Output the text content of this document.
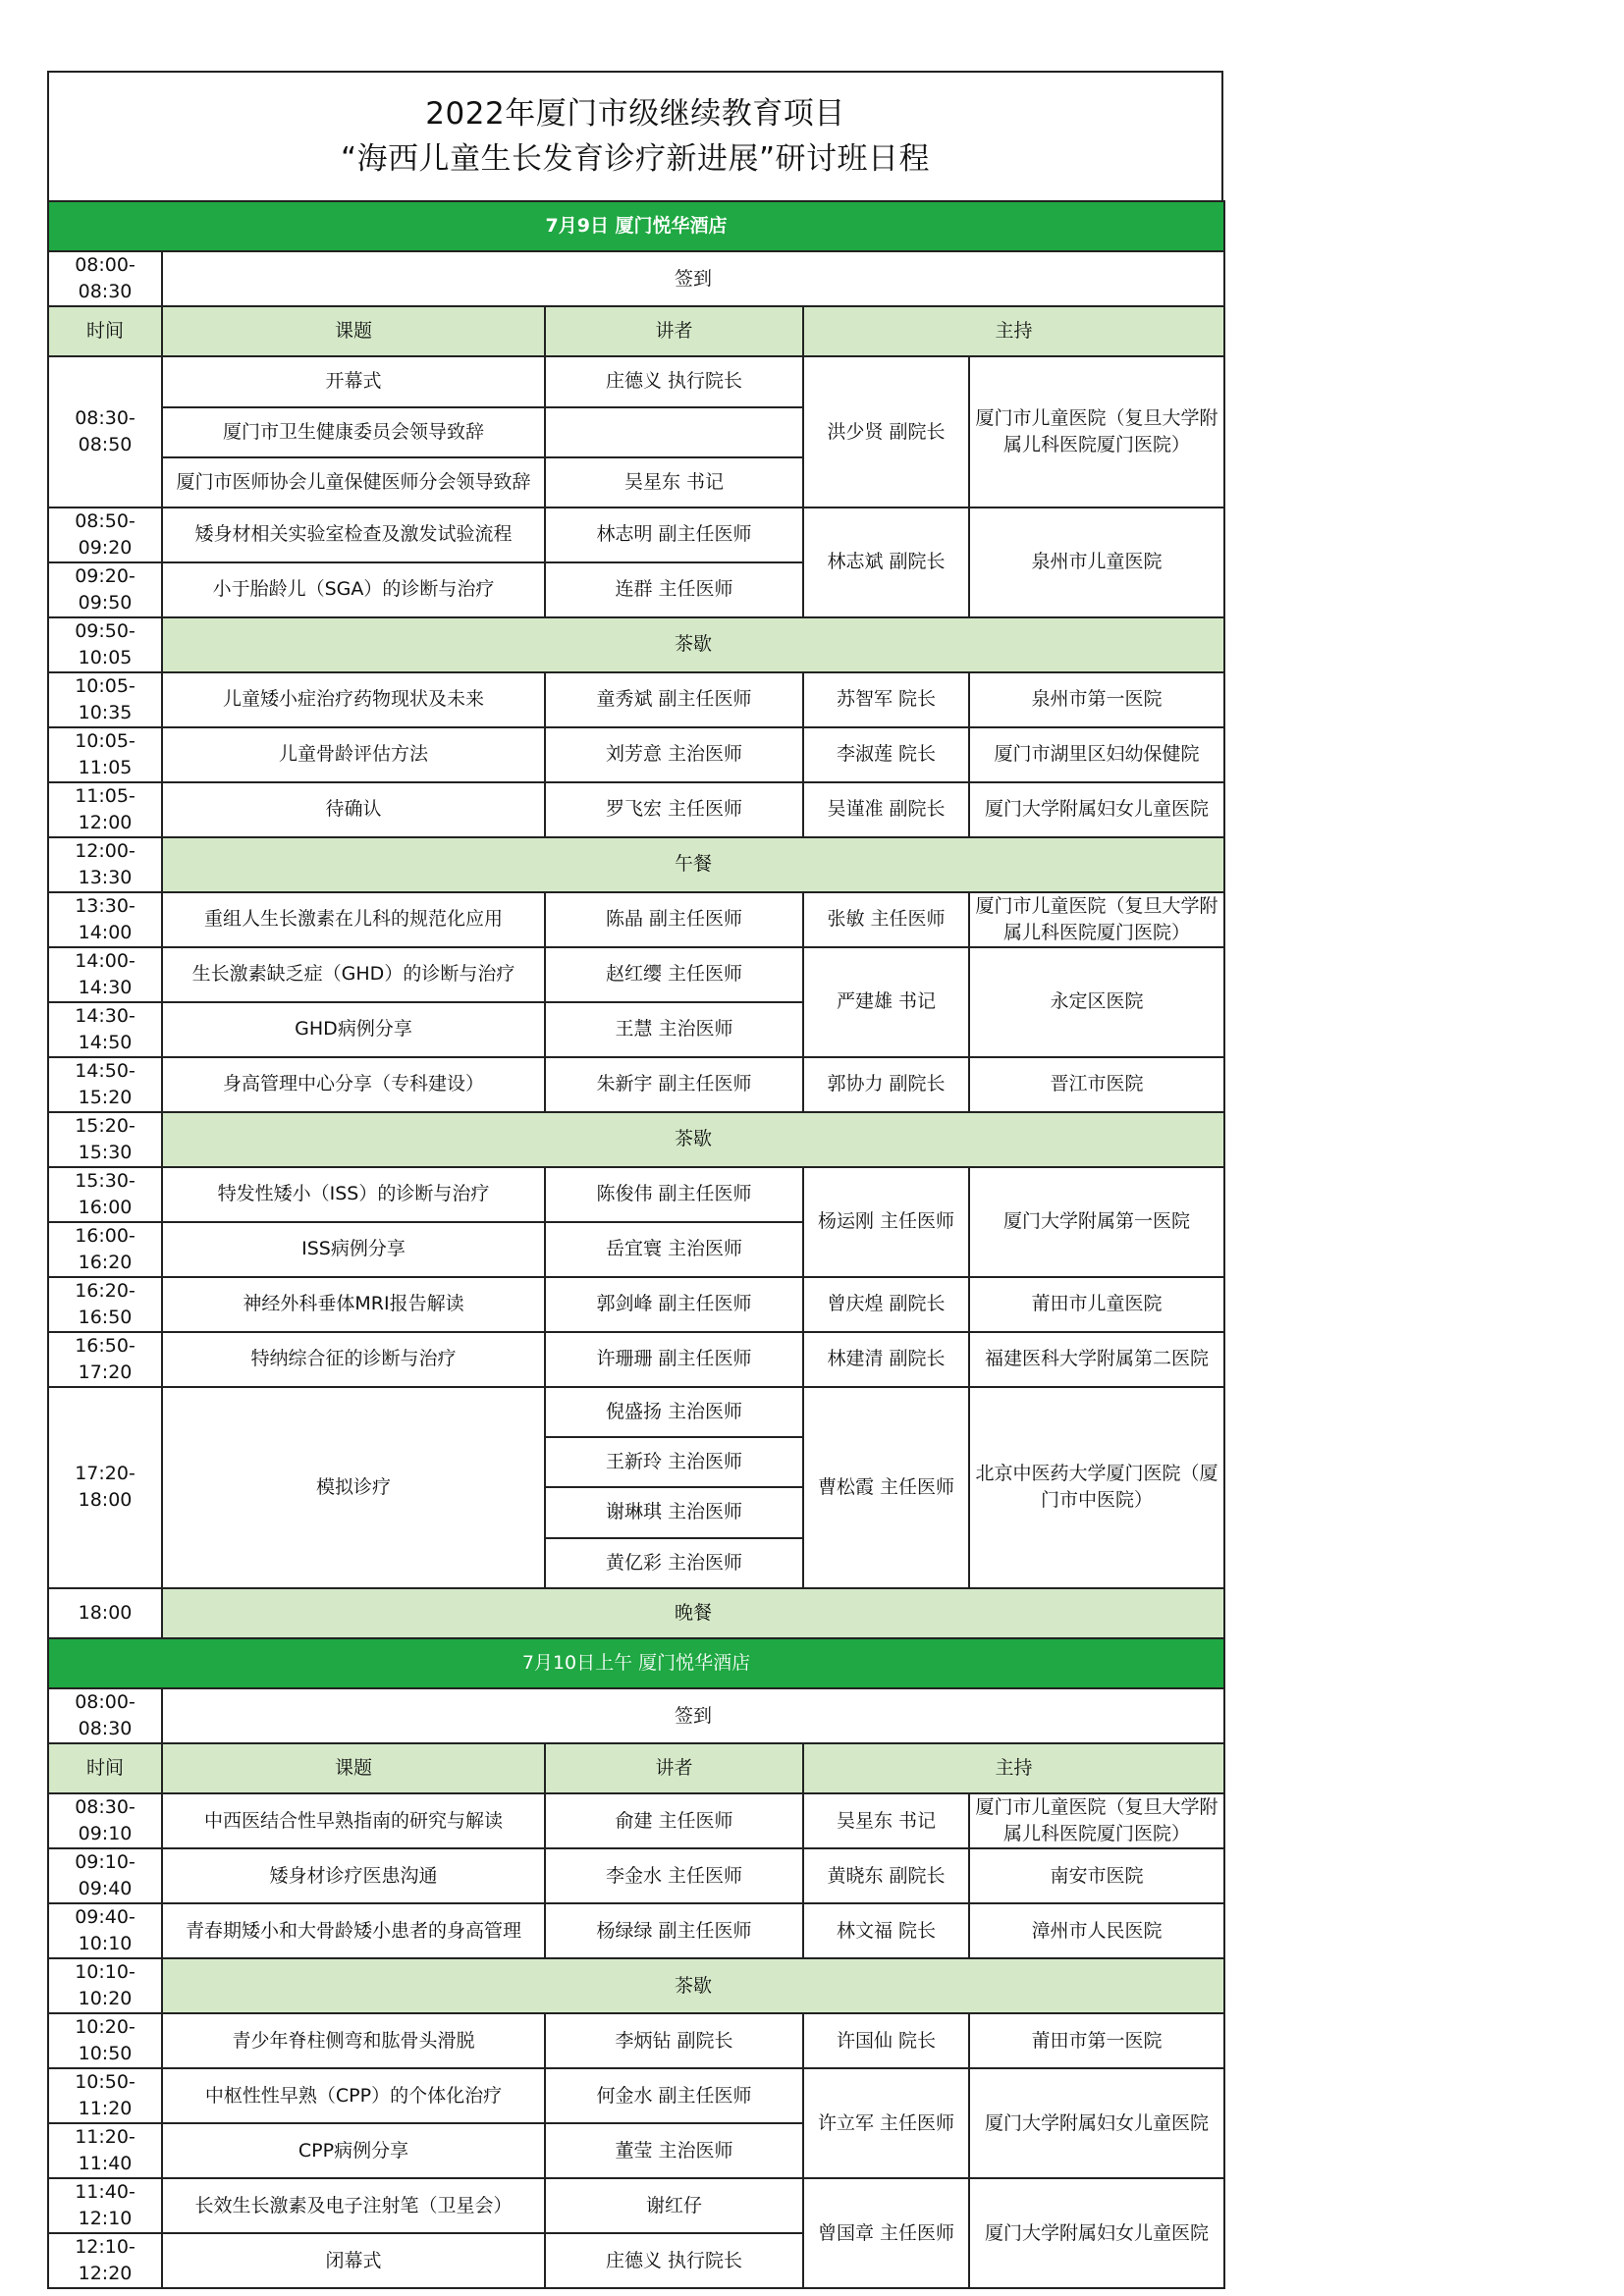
2022年厦门市级继续教育项目
“海西儿童生长发育诊疗新进展”研讨班日程
7月9日 厦门悦华酒店				
08:00-08:30	签到			
时间	课题	讲者	主持	
08:30-08:50	开幕式	庄德义 执行院长	洪少贤 副院长	厦门市儿童医院（复旦大学附属儿科医院厦门医院）
	厦门市卫生健康委员会领导致辞			
	厦门市医师协会儿童保健医师分会领导致辞	吴星东 书记		
08:50-09:20	矮身材相关实验室检查及激发试验流程	林志明 副主任医师	林志斌 副院长	泉州市儿童医院
09:20-09:50	小于胎龄儿（SGA）的诊断与治疗	连群 主任医师		
09:50-10:05	茶歇			
10:05-10:35	儿童矮小症治疗药物现状及未来	童秀斌 副主任医师	苏智军 院长	泉州市第一医院
10:05-11:05	儿童骨龄评估方法	刘芳意 主治医师	李淑莲 院长	厦门市湖里区妇幼保健院
11:05-12:00	待确认	罗飞宏 主任医师	吴谨准 副院长	厦门大学附属妇女儿童医院
12:00-13:30	午餐			
13:30-14:00	重组人生长激素在儿科的规范化应用	陈晶 副主任医师	张敏 主任医师	厦门市儿童医院（复旦大学附属儿科医院厦门医院）
14:00-14:30	生长激素缺乏症（GHD）的诊断与治疗	赵红缨 主任医师	严建雄 书记	永定区医院
14:30-14:50	GHD病例分享	王慧 主治医师		
14:50-15:20	身高管理中心分享（专科建设）	朱新宇 副主任医师	郭协力 副院长	晋江市医院
15:20-15:30	茶歇			
15:30-16:00	特发性矮小（ISS）的诊断与治疗	陈俊伟 副主任医师	杨运刚 主任医师	厦门大学附属第一医院
16:00-16:20	ISS病例分享	岳宜寰 主治医师		
16:20-16:50	神经外科垂体MRI报告解读	郭剑峰 副主任医师	曾庆煌 副院长	莆田市儿童医院
16:50-17:20	特纳综合征的诊断与治疗	许珊珊 副主任医师	林建清 副院长	福建医科大学附属第二医院
17:20-18:00	模拟诊疗	倪盛扬 主治医师	曹松霞 主任医师	北京中医药大学厦门医院（厦门市中医院）
		王新玲 主治医师		
		谢琳琪 主治医师		
		黄亿彩 主治医师		
18:00	晚餐			
7月10日上午 厦门悦华酒店				
08:00-08:30	签到			
时间	课题	讲者	主持	
08:30-09:10	中西医结合性早熟指南的研究与解读	俞建 主任医师	吴星东 书记	厦门市儿童医院（复旦大学附属儿科医院厦门医院）
09:10-09:40	矮身材诊疗医患沟通	李金水 主任医师	黄晓东 副院长	南安市医院
09:40-10:10	青春期矮小和大骨龄矮小患者的身高管理	杨绿绿 副主任医师	林文福 院长	漳州市人民医院
10:10-10:20	茶歇			
10:20-10:50	青少年脊柱侧弯和肱骨头滑脱	李炳钻 副院长	许国仙 院长	莆田市第一医院
10:50-11:20	中枢性性早熟（CPP）的个体化治疗	何金水 副主任医师	许立军 主任医师	厦门大学附属妇女儿童医院
11:20-11:40	CPP病例分享	董莹 主治医师		
11:40-12:10	长效生长激素及电子注射笔（卫星会）	谢红仔	曾国章 主任医师	厦门大学附属妇女儿童医院
12:10-12:20	闭幕式	庄德义 执行院长		
